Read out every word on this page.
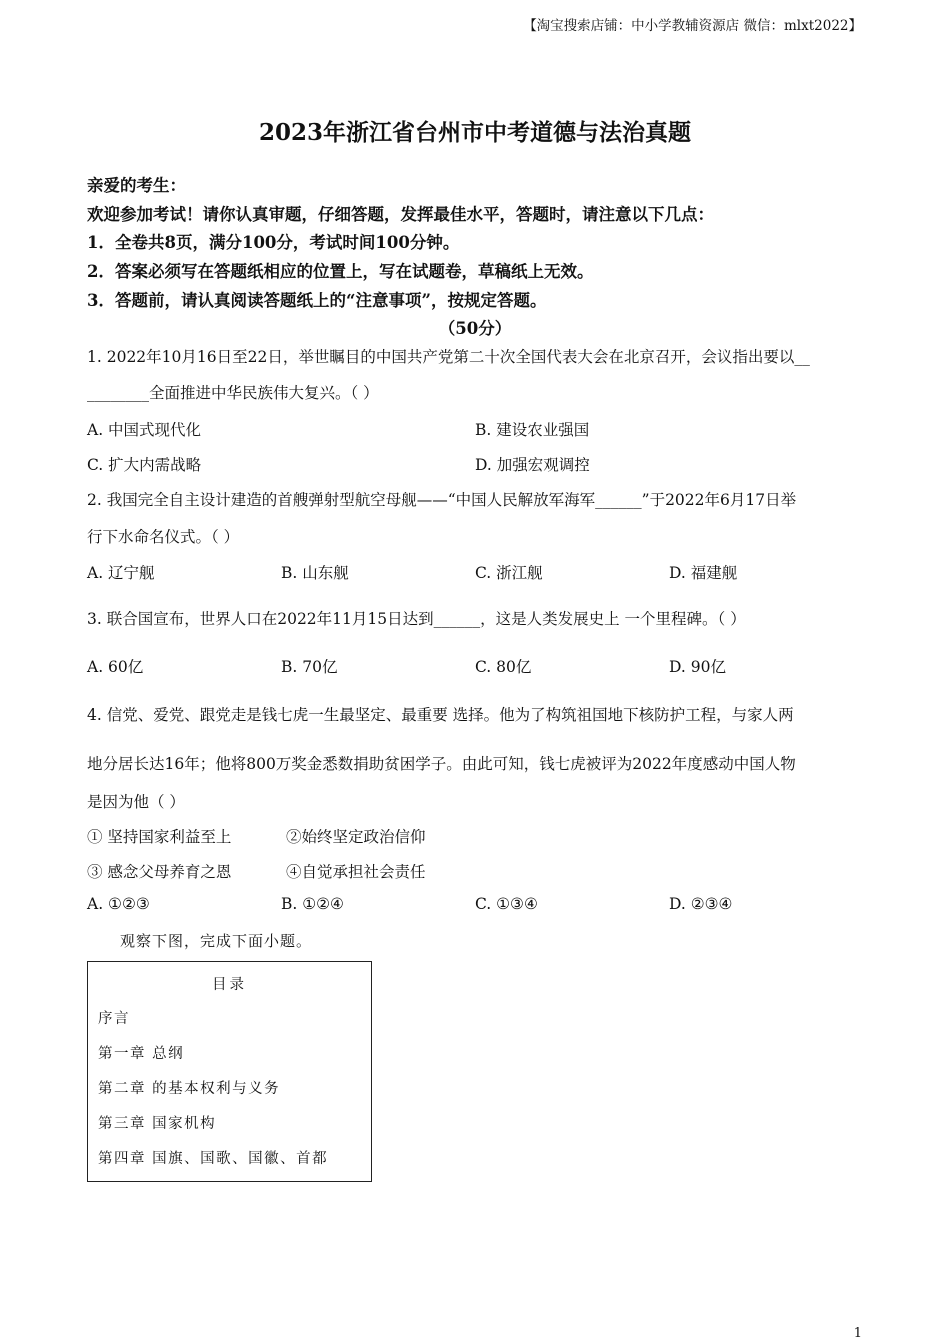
【淘宝搜索店铺：中小学教辅资源店 微信：mlxt2022】
2023年浙江省台州市中考道德与法治真题
亲爱的考生：
欢迎参加考试！请你认真审题，仔细答题，发挥最佳水平，答题时，请注意以下几点：
1．全卷共8页，满分100分，考试时间100分钟。
2．答案必须写在答题纸相应的位置上，写在试题卷，草稿纸上无效。
3．答题前，请认真阅读答题纸上的“注意事项”，按规定答题。
（50分）
1. 2022年10月16日至22日，举世瞩目的中国共产党第二十次全国代表大会在北京召开，会议指出要以__
________全面推进中华民族伟大复兴。（ ）
A. 中国式现代化	B. 建设农业强国
C. 扩大内需战略	D. 加强宏观调控
2. 我国完全自主设计建造的首艘弹射型航空母舰——“中国人民解放军海军______”于2022年6月17日举
行下水命名仪式。（ ）
A. 辽宁舰	B. 山东舰	C. 浙江舰	D. 福建舰
3. 联合国宣布，世界人口在2022年11月15日达到______，这是人类发展史上 一个里程碑。（ ）
A. 60亿	B. 70亿	C. 80亿	D. 90亿
4. 信党、爱党、跟党走是钱七虎一生最坚定、最重要 选择。他为了构筑祖国地下核防护工程，与家人两
地分居长达16年；他将800万奖金悉数捐助贫困学子。由此可知，钱七虎被评为2022年度感动中国人物
是因为他（ ）
① 坚持国家利益至上	②始终坚定政治信仰
③ 感念父母养育之恩	④自觉承担社会责任
A. ①②③	B. ①②④	C. ①③④	D. ②③④
观察下图，完成下面小题。
目录
序言
第一章 总纲
第二章 的基本权利与义务
第三章 国家机构
第四章 国旗、国歌、国徽、首都
1
